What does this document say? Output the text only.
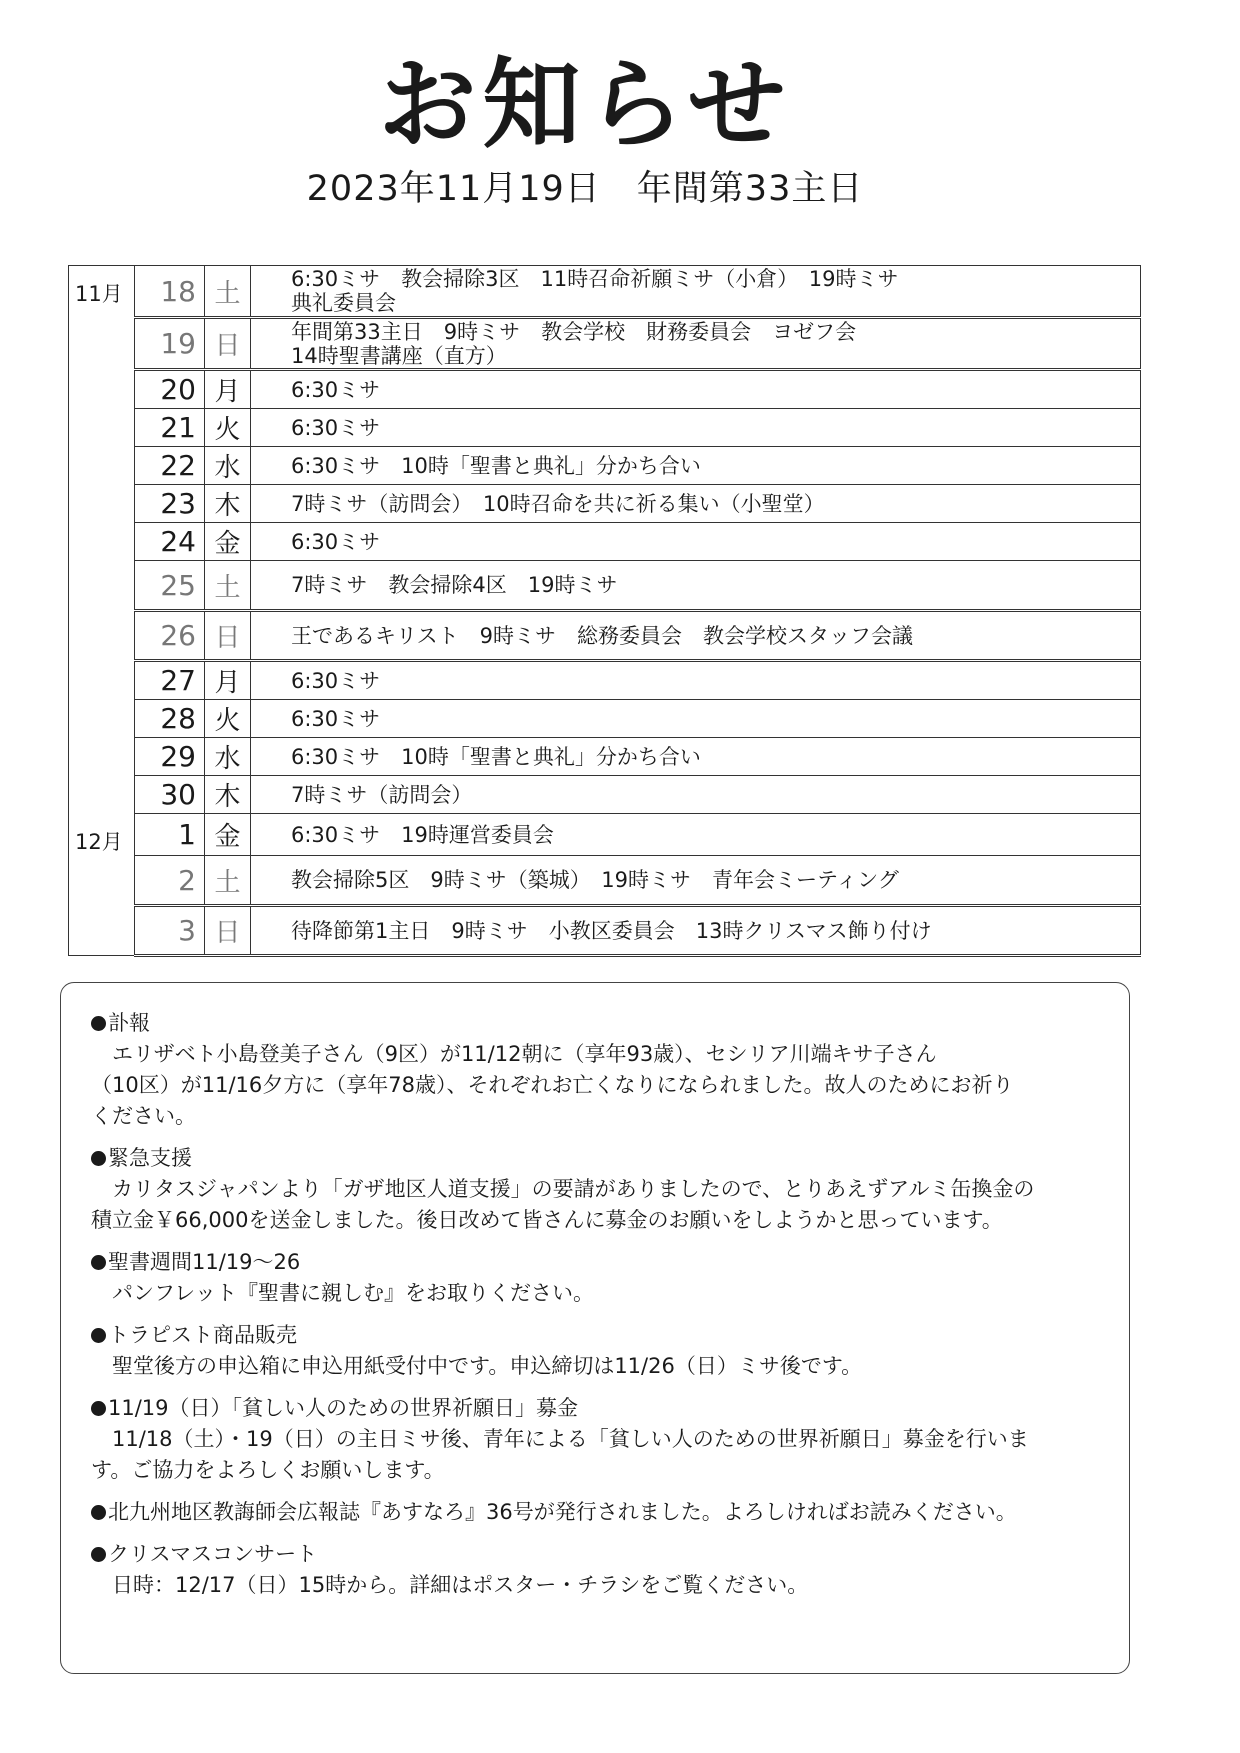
お知らせ
2023年11月19日　年間第33主日
11月	18	土	6:30ミサ　教会掃除3区　11時召命祈願ミサ（小倉）　19時ミサ
典礼委員会

	19	日	年間第33主日　9時ミサ　教会学校　財務委員会　ヨゼフ会
14時聖書講座（直方）

	20	月	6:30ミサ

	21	火	6:30ミサ

	22	水	6:30ミサ　10時「聖書と典礼」分かち合い

	23	木	7時ミサ（訪問会）　10時召命を共に祈る集い（小聖堂）

	24	金	6:30ミサ

	25	土	7時ミサ　教会掃除4区　19時ミサ

	26	日	王であるキリスト　9時ミサ　総務委員会　教会学校スタッフ会議

	27	月	6:30ミサ

	28	火	6:30ミサ

	29	水	6:30ミサ　10時「聖書と典礼」分かち合い

	30	木	7時ミサ（訪問会）

12月	1	金	6:30ミサ　19時運営委員会

	2	土	教会掃除5区　9時ミサ（築城）　19時ミサ　青年会ミーティング

	3	日	待降節第1主日　9時ミサ　小教区委員会　13時クリスマス飾り付け
訃報
　エリザベト小島登美子さん（9区）が11/12朝に（享年93歳）、セシリア川端キサ子さん
（10区）が11/16夕方に（享年78歳）、それぞれお亡くなりになられました。故人のためにお祈り
ください。
緊急支援
　カリタスジャパンより「ガザ地区人道支援」の要請がありましたので、とりあえずアルミ缶換金の
積立金￥66,000を送金しました。後日改めて皆さんに募金のお願いをしようかと思っています。
聖書週間11/19～26
　パンフレット『聖書に親しむ』をお取りください。
トラピスト商品販売
　聖堂後方の申込箱に申込用紙受付中です。申込締切は11/26（日）ミサ後です。
11/19（日）「貧しい人のための世界祈願日」募金
　11/18（土）・19（日）の主日ミサ後、青年による「貧しい人のための世界祈願日」募金を行いま
す。ご協力をよろしくお願いします。
北九州地区教誨師会広報誌『あすなろ』36号が発行されました。よろしければお読みください。
クリスマスコンサート
　日時：12/17（日）15時から。詳細はポスター・チラシをご覧ください。
